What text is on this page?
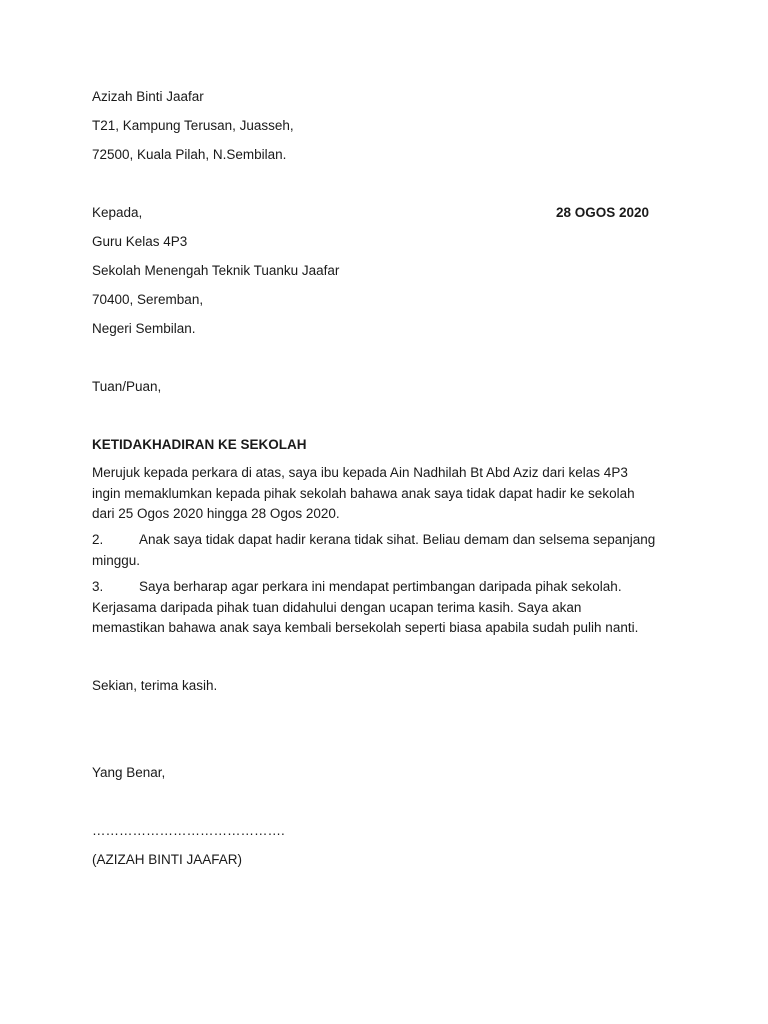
Azizah Binti Jaafar
T21, Kampung Terusan, Juasseh,
72500, Kuala Pilah, N.Sembilan.
Kepada,	28 OGOS 2020
Guru Kelas 4P3
Sekolah Menengah Teknik Tuanku Jaafar
70400, Seremban,
Negeri Sembilan.
Tuan/Puan,
KETIDAKHADIRAN KE SEKOLAH
Merujuk kepada perkara di atas, saya ibu kepada Ain Nadhilah Bt Abd Aziz dari kelas 4P3
ingin memaklumkan kepada pihak sekolah bahawa anak saya tidak dapat hadir ke sekolah
dari 25 Ogos 2020 hingga 28 Ogos 2020.
2.	Anak saya tidak dapat hadir kerana tidak sihat. Beliau demam dan selsema sepanjang
minggu.
3.	Saya berharap agar perkara ini mendapat pertimbangan daripada pihak sekolah.
Kerjasama daripada pihak tuan didahului dengan ucapan terima kasih. Saya akan
memastikan bahawa anak saya kembali bersekolah seperti biasa apabila sudah pulih nanti.
Sekian, terima kasih.
Yang Benar,
…………………………………….
(AZIZAH BINTI JAAFAR)
